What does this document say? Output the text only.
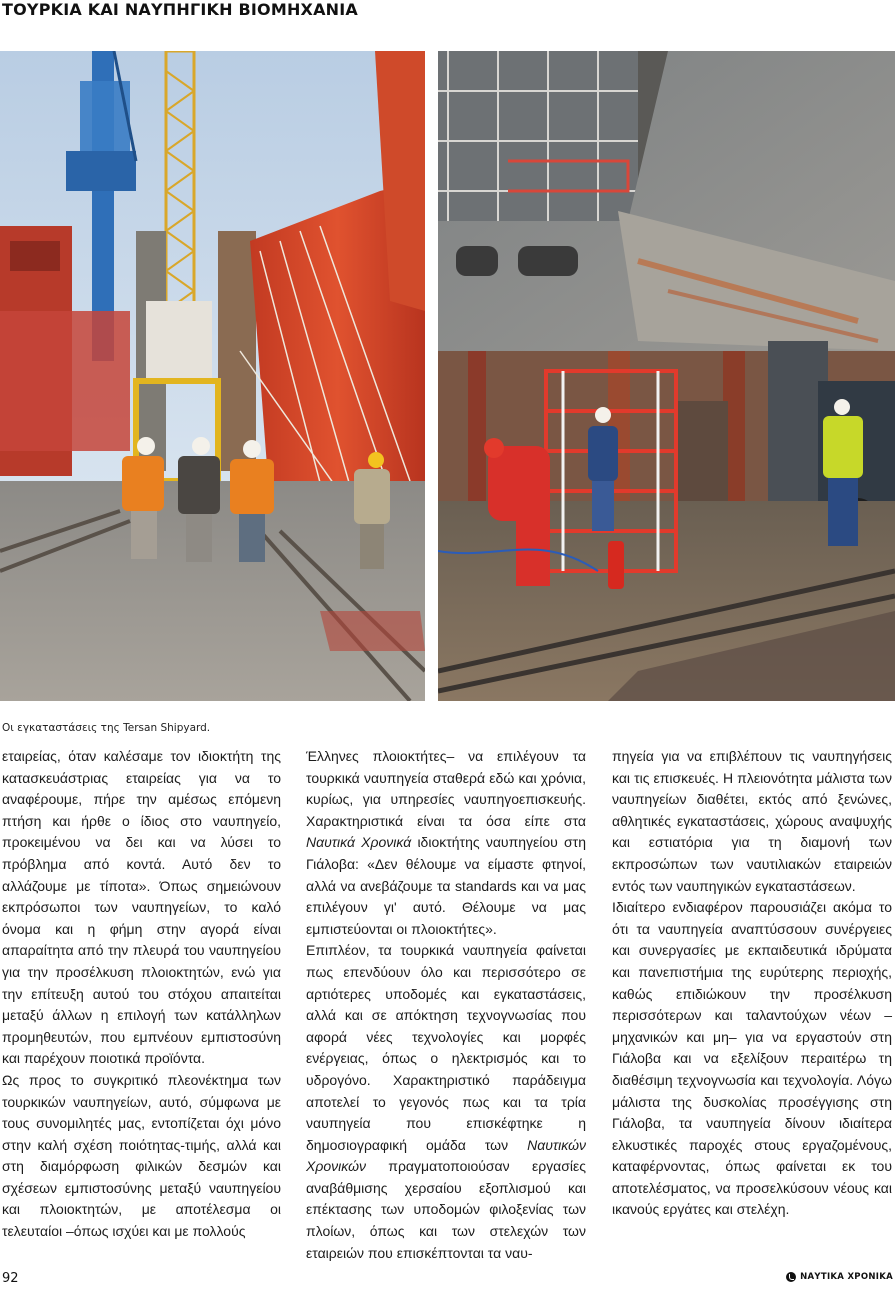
ΤΟΥΡΚΙΑ ΚΑΙ ΝΑΥΠΗΓΙΚΗ ΒΙΟΜΗΧΑΝΙΑ
Οι εγκαταστάσεις της Tersan Shipyard.

εταιρείας, όταν καλέσαμε τον ιδιοκτήτη της κατασκευάστριας εταιρείας για να το αναφέρουμε, πήρε την αμέσως επόμενη πτήση και ήρθε ο ίδιος στο ναυπηγείο, προκειμένου να δει και να λύσει το πρόβλημα από κοντά. Αυτό δεν το αλλάζουμε με τίποτα». Όπως σημειώνουν εκπρόσωποι των ναυπηγείων, το καλό όνομα και η φήμη στην αγορά είναι απαραίτητα από την πλευρά του ναυπηγείου για την προσέλκυση πλοιοκτητών, ενώ για την επίτευξη αυτού του στόχου απαιτείται μεταξύ άλλων η επιλογή των κατάλληλων προμηθευτών, που εμπνέουν εμπιστοσύνη και παρέχουν ποιοτικά προϊόντα.

Ως προς το συγκριτικό πλεονέκτημα των τουρκικών ναυπηγείων, αυτό, σύμφωνα με τους συνομιλητές μας, εντοπίζεται όχι μόνο στην καλή σχέση ποιότητας-τιμής, αλλά και στη διαμόρφωση φιλικών δεσμών και σχέσεων εμπιστοσύνης μεταξύ ναυπηγείου και πλοιοκτητών, με αποτέλεσμα οι τελευταίοι –όπως ισχύει και με πολλούς

Έλληνες πλοιοκτήτες– να επιλέγουν τα τουρκικά ναυπηγεία σταθερά εδώ και χρόνια, κυρίως, για υπηρεσίες ναυπηγοεπισκευής. Χαρακτηριστικά είναι τα όσα είπε στα Ναυτικά Χρονικά ιδιοκτήτης ναυπηγείου στη Γιάλοβα: «Δεν θέλουμε να είμαστε φτηνοί, αλλά να ανεβάζουμε τα standards και να μας επιλέγουν γι' αυτό. Θέλουμε να μας εμπιστεύονται οι πλοιοκτήτες».

Επιπλέον, τα τουρκικά ναυπηγεία φαίνεται πως επενδύουν όλο και περισσότερο σε αρτιότερες υποδομές και εγκαταστάσεις, αλλά και σε απόκτηση τεχνογνωσίας που αφορά νέες τεχνολογίες και μορφές ενέργειας, όπως ο ηλεκτρισμός και το υδρογόνο. Χαρακτηριστικό παράδειγμα αποτελεί το γεγονός πως και τα τρία ναυπηγεία που επισκέφτηκε η δημοσιογραφική ομάδα των Ναυτικών Χρονικών πραγματοποιούσαν εργασίες αναβάθμισης χερσαίου εξοπλισμού και επέκτασης των υποδομών φιλοξενίας των πλοίων, όπως και των στελεχών των εταιρειών που επισκέπτονται τα ναυ-

πηγεία για να επιβλέπουν τις ναυπηγήσεις και τις επισκευές. Η πλειονότητα μάλιστα των ναυπηγείων διαθέτει, εκτός από ξενώνες, αθλητικές εγκαταστάσεις, χώρους αναψυχής και εστιατόρια για τη διαμονή των εκπροσώπων των ναυτιλιακών εταιρειών εντός των ναυπηγικών εγκαταστάσεων.

Ιδιαίτερο ενδιαφέρον παρουσιάζει ακόμα το ότι τα ναυπηγεία αναπτύσσουν συνέργειες και συνεργασίες με εκπαιδευτικά ιδρύματα και πανεπιστήμια της ευρύτερης περιοχής, καθώς επιδιώκουν την προσέλκυση περισσότερων και ταλαντούχων νέων –μηχανικών και μη– για να εργαστούν στη Γιάλοβα και να εξελίξουν περαιτέρω τη διαθέσιμη τεχνογνωσία και τεχνολογία. Λόγω μάλιστα της δυσκολίας προσέγγισης στη Γιάλοβα, τα ναυπηγεία δίνουν ιδιαίτερα ελκυστικές παροχές στους εργαζομένους, καταφέρνοντας, όπως φαίνεται εκ του αποτελέσματος, να προσελκύσουν νέους και ικανούς εργάτες και στελέχη.

92	ΝΑΥΤΙΚΑ ΧΡΟΝΙΚΑ
